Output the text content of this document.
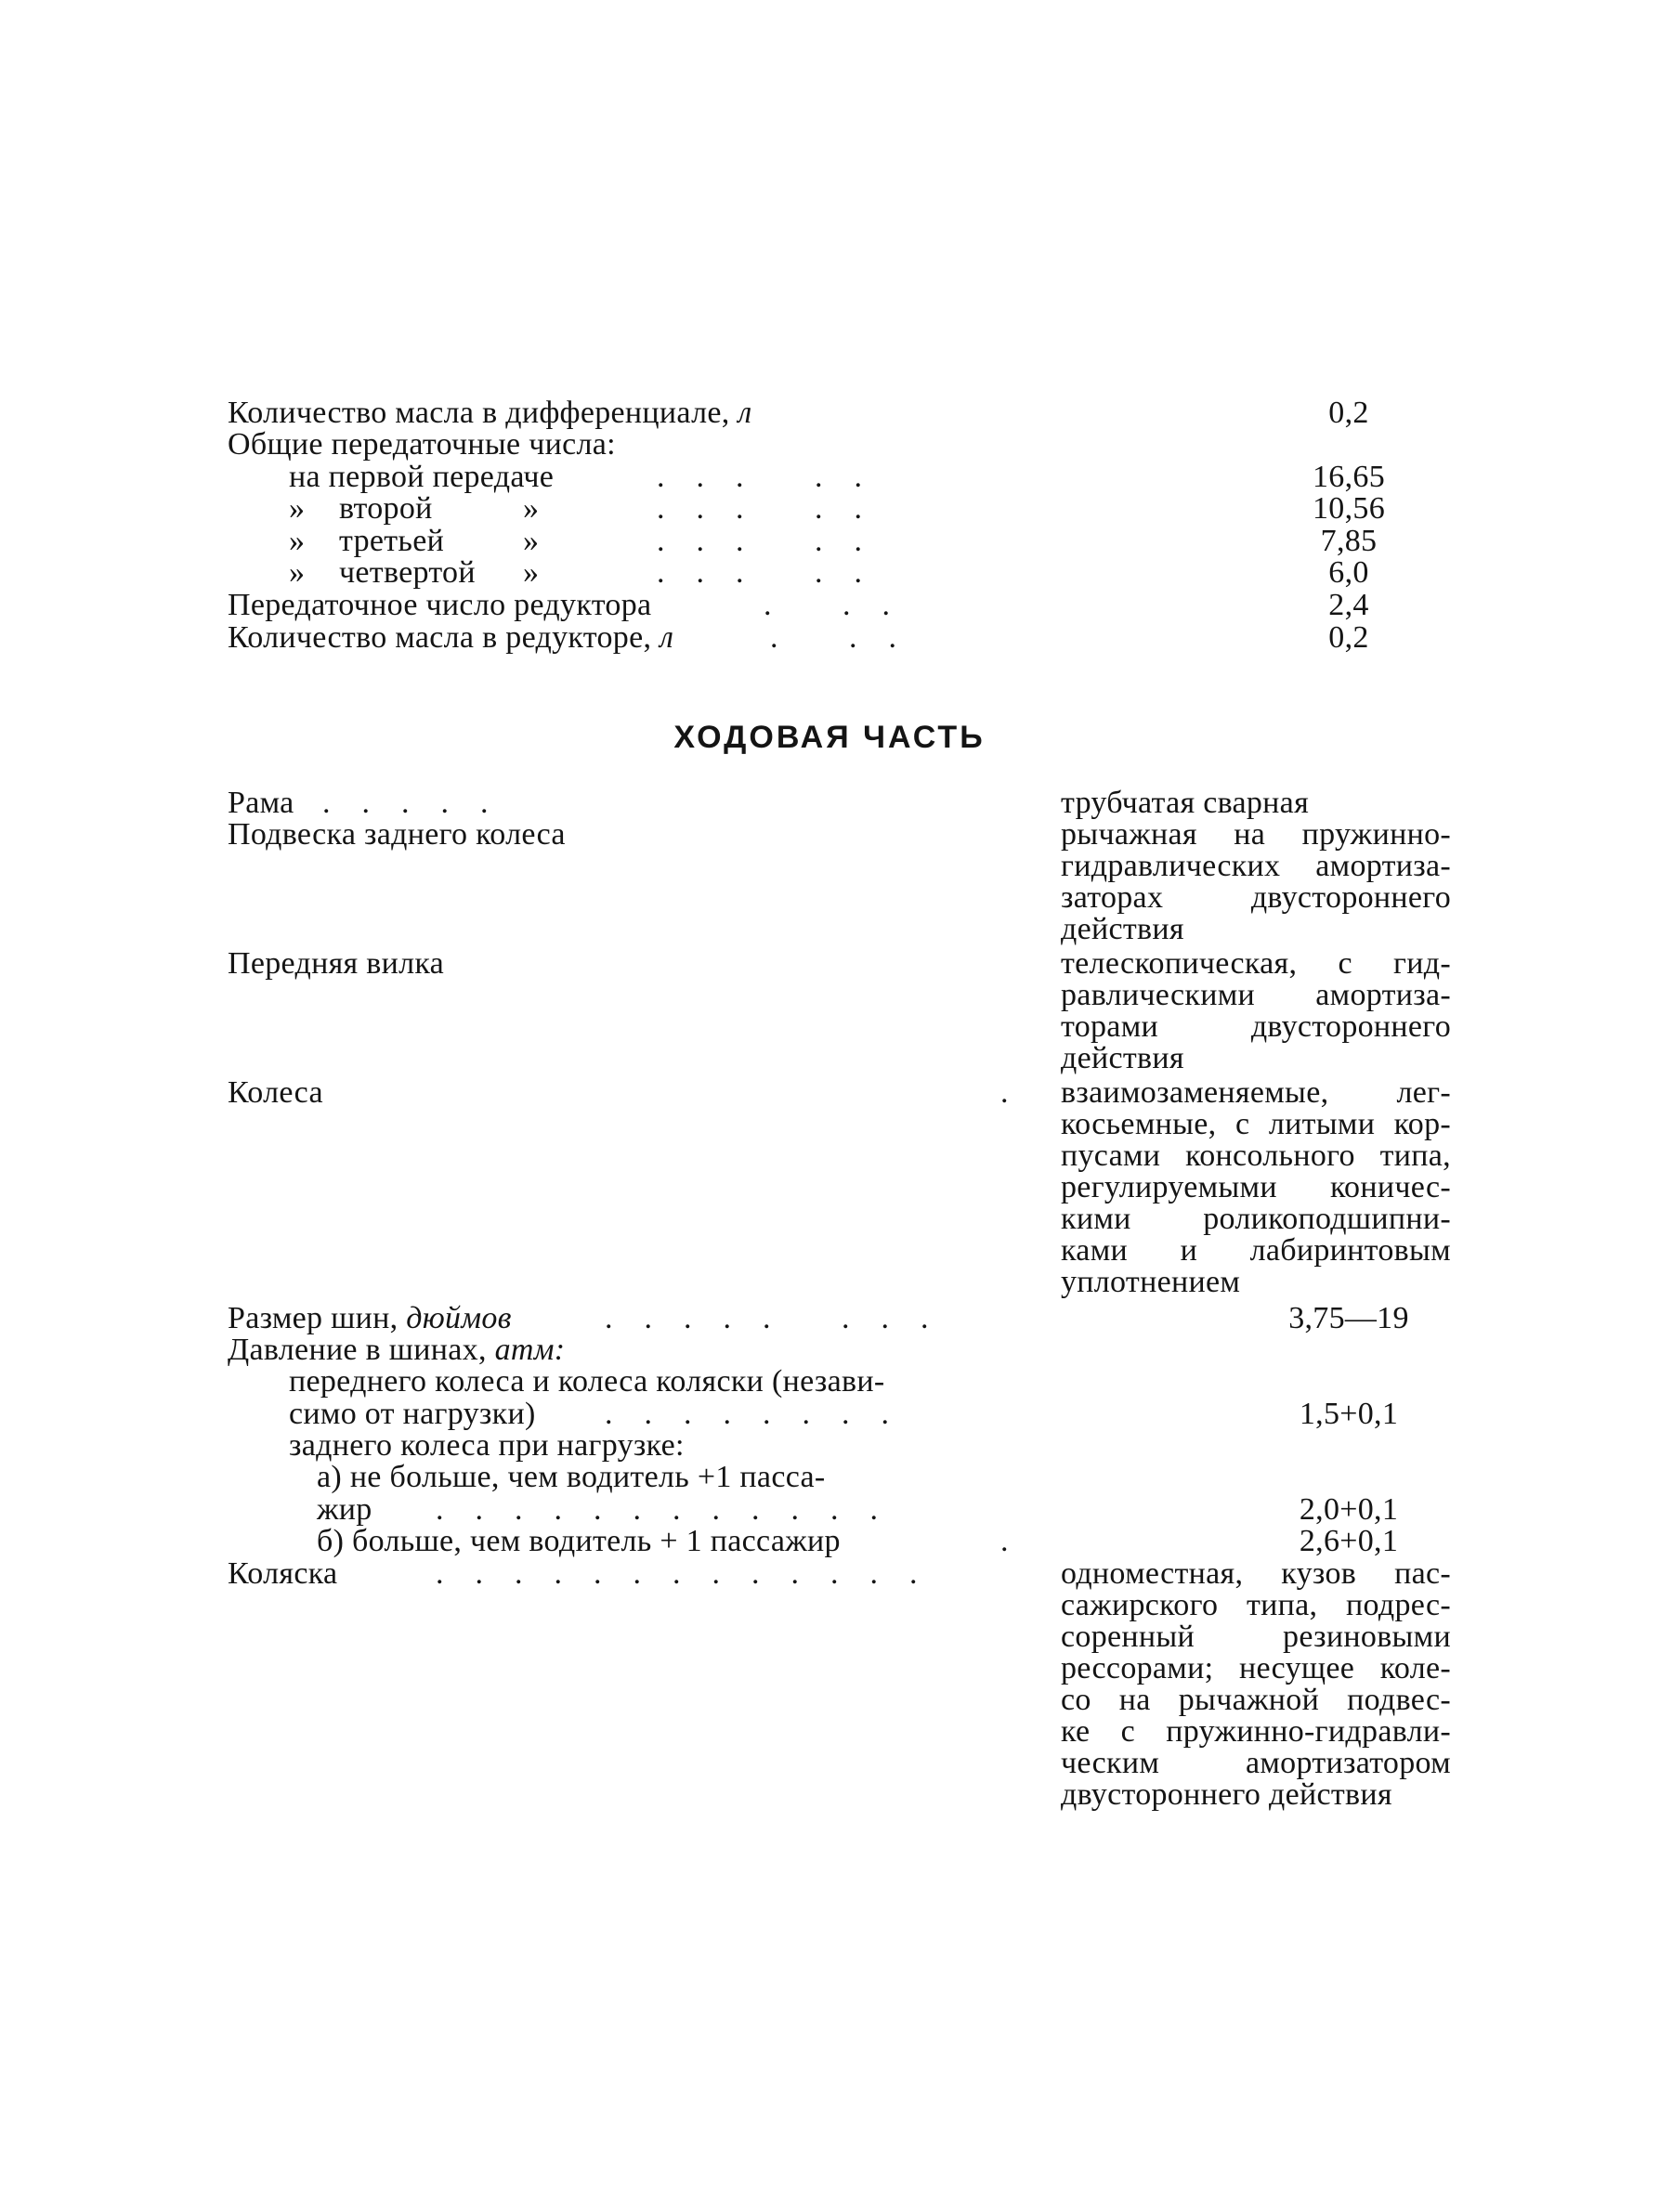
Количество масла в дифференциале, л	0,2
Общие передаточные числа:
на первой передаче	.    .    .         .    .	16,65
» второй	»	.    .    .         .    .	10,56
» третьей »	.    .    .         .    .	7,85
» четвертой »	.    .    .         .    .	6,0
Передаточное число редуктора	.         .    .	2,4
Количество масла в редукторе, л	.         .    .	0,2
ХОДОВАЯ ЧАСТЬ
Рама .    .    .    .    .	трубчатая сварная
Подвеска заднего колеса	рычажная на пружинно-
гидравлических амортиза-
заторах двустороннего
действия
Передняя вилка	телескопическая, с гид-
равлическими амортиза-
торами двустороннего
действия
Колеса	. взаимозаменяемые, лег-
косьемные, с литыми кор-
пусами консольного типа,
регулируемыми коничес-
кими роликоподшипни-
ками и лабиринтовым
уплотнением
Размер шин, дюймов	.    .    .    .    .         .    .    .	3,75—19
Давление в шинах, атм:
переднего колеса и колеса коляски (незави-
симо от нагрузки) .    .    .    .    .    .    .    .	1,5+0,1
заднего колеса при нагрузке:
а) не больше, чем водитель +1 пасса-
жир .    .    .    .    .    .    .    .    .    .    .    .	2,0+0,1
б) больше, чем водитель + 1 пассажир	.	2,6+0,1
Коляска	.    .    .    .    .    .    .    .    .    .    .    .    .	одноместная, кузов пас-
сажирского типа, подрес-
соренный резиновыми
рессорами; несущее коле-
со на рычажной подвес-
ке с пружинно-гидравли-
ческим амортизатором
двустороннего действия
